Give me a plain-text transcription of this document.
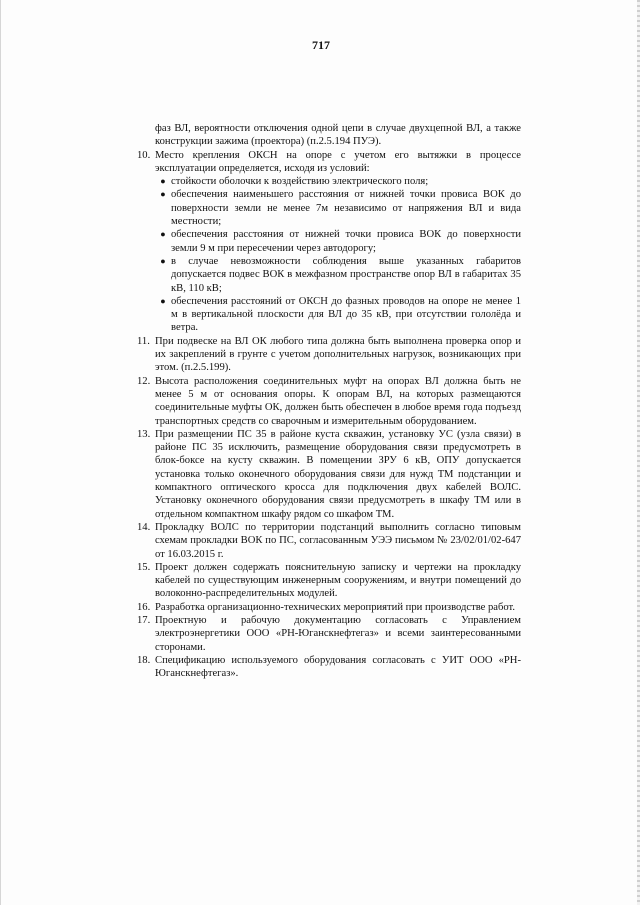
717

фаз ВЛ, вероятности отключения одной цепи в случае двухцепной ВЛ, а также конструкции зажима (проектора) (п.2.5.194 ПУЭ).

10. Место крепления ОКСН на опоре с учетом его вытяжки в процессе эксплуатации определяется, исходя из условий:
● стойкости оболочки к воздействию электрического поля;
● обеспечения наименьшего расстояния от нижней точки провиса ВОК до поверхности земли не менее 7м независимо от напряжения ВЛ и вида местности;
● обеспечения расстояния от нижней точки провиса ВОК до поверхности земли 9 м при пересечении через автодорогу;
● в случае невозможности соблюдения выше указанных габаритов допускается подвес ВОК в межфазном пространстве опор ВЛ в габаритах 35 кВ, 110 кВ;
● обеспечения расстояний от ОКСН до фазных проводов на опоре не менее 1 м в вертикальной плоскости для ВЛ до 35 кВ, при отсутствии гололёда и ветра.
11. При подвеске на ВЛ ОК любого типа должна быть выполнена проверка опор и их закреплений в грунте с учетом дополнительных нагрузок, возникающих при этом. (п.2.5.199).
12. Высота расположения соединительных муфт на опорах ВЛ должна быть не менее 5 м от основания опоры. К опорам ВЛ, на которых размещаются соединительные муфты ОК, должен быть обеспечен в любое время года подъезд транспортных средств со сварочным и измерительным оборудованием.
13. При размещении ПС 35 в районе куста скважин, установку УС (узла связи) в районе ПС 35 исключить, размещение оборудования связи предусмотреть в блок-боксе на кусту скважин. В помещении ЗРУ 6 кВ, ОПУ допускается установка только оконечного оборудования связи для нужд ТМ подстанции и компактного оптического кросса для подключения двух кабелей ВОЛС. Установку оконечного оборудования связи предусмотреть в шкафу ТМ или в отдельном компактном шкафу рядом со шкафом ТМ.
14. Прокладку ВОЛС по территории подстанций выполнить согласно типовым схемам прокладки ВОК по ПС, согласованным УЭЭ письмом № 23/02/01/02-647 от 16.03.2015 г.
15. Проект должен содержать пояснительную записку и чертежи на прокладку кабелей по существующим инженерным сооружениям, и внутри помещений до волоконно-распределительных модулей.
16. Разработка организационно-технических мероприятий при производстве работ.
17. Проектную и рабочую документацию согласовать с Управлением электроэнергетики ООО «РН-Юганскнефтегаз» и всеми заинтересованными сторонами.
18. Спецификацию используемого оборудования согласовать с УИТ ООО «РН-Юганскнефтегаз».
